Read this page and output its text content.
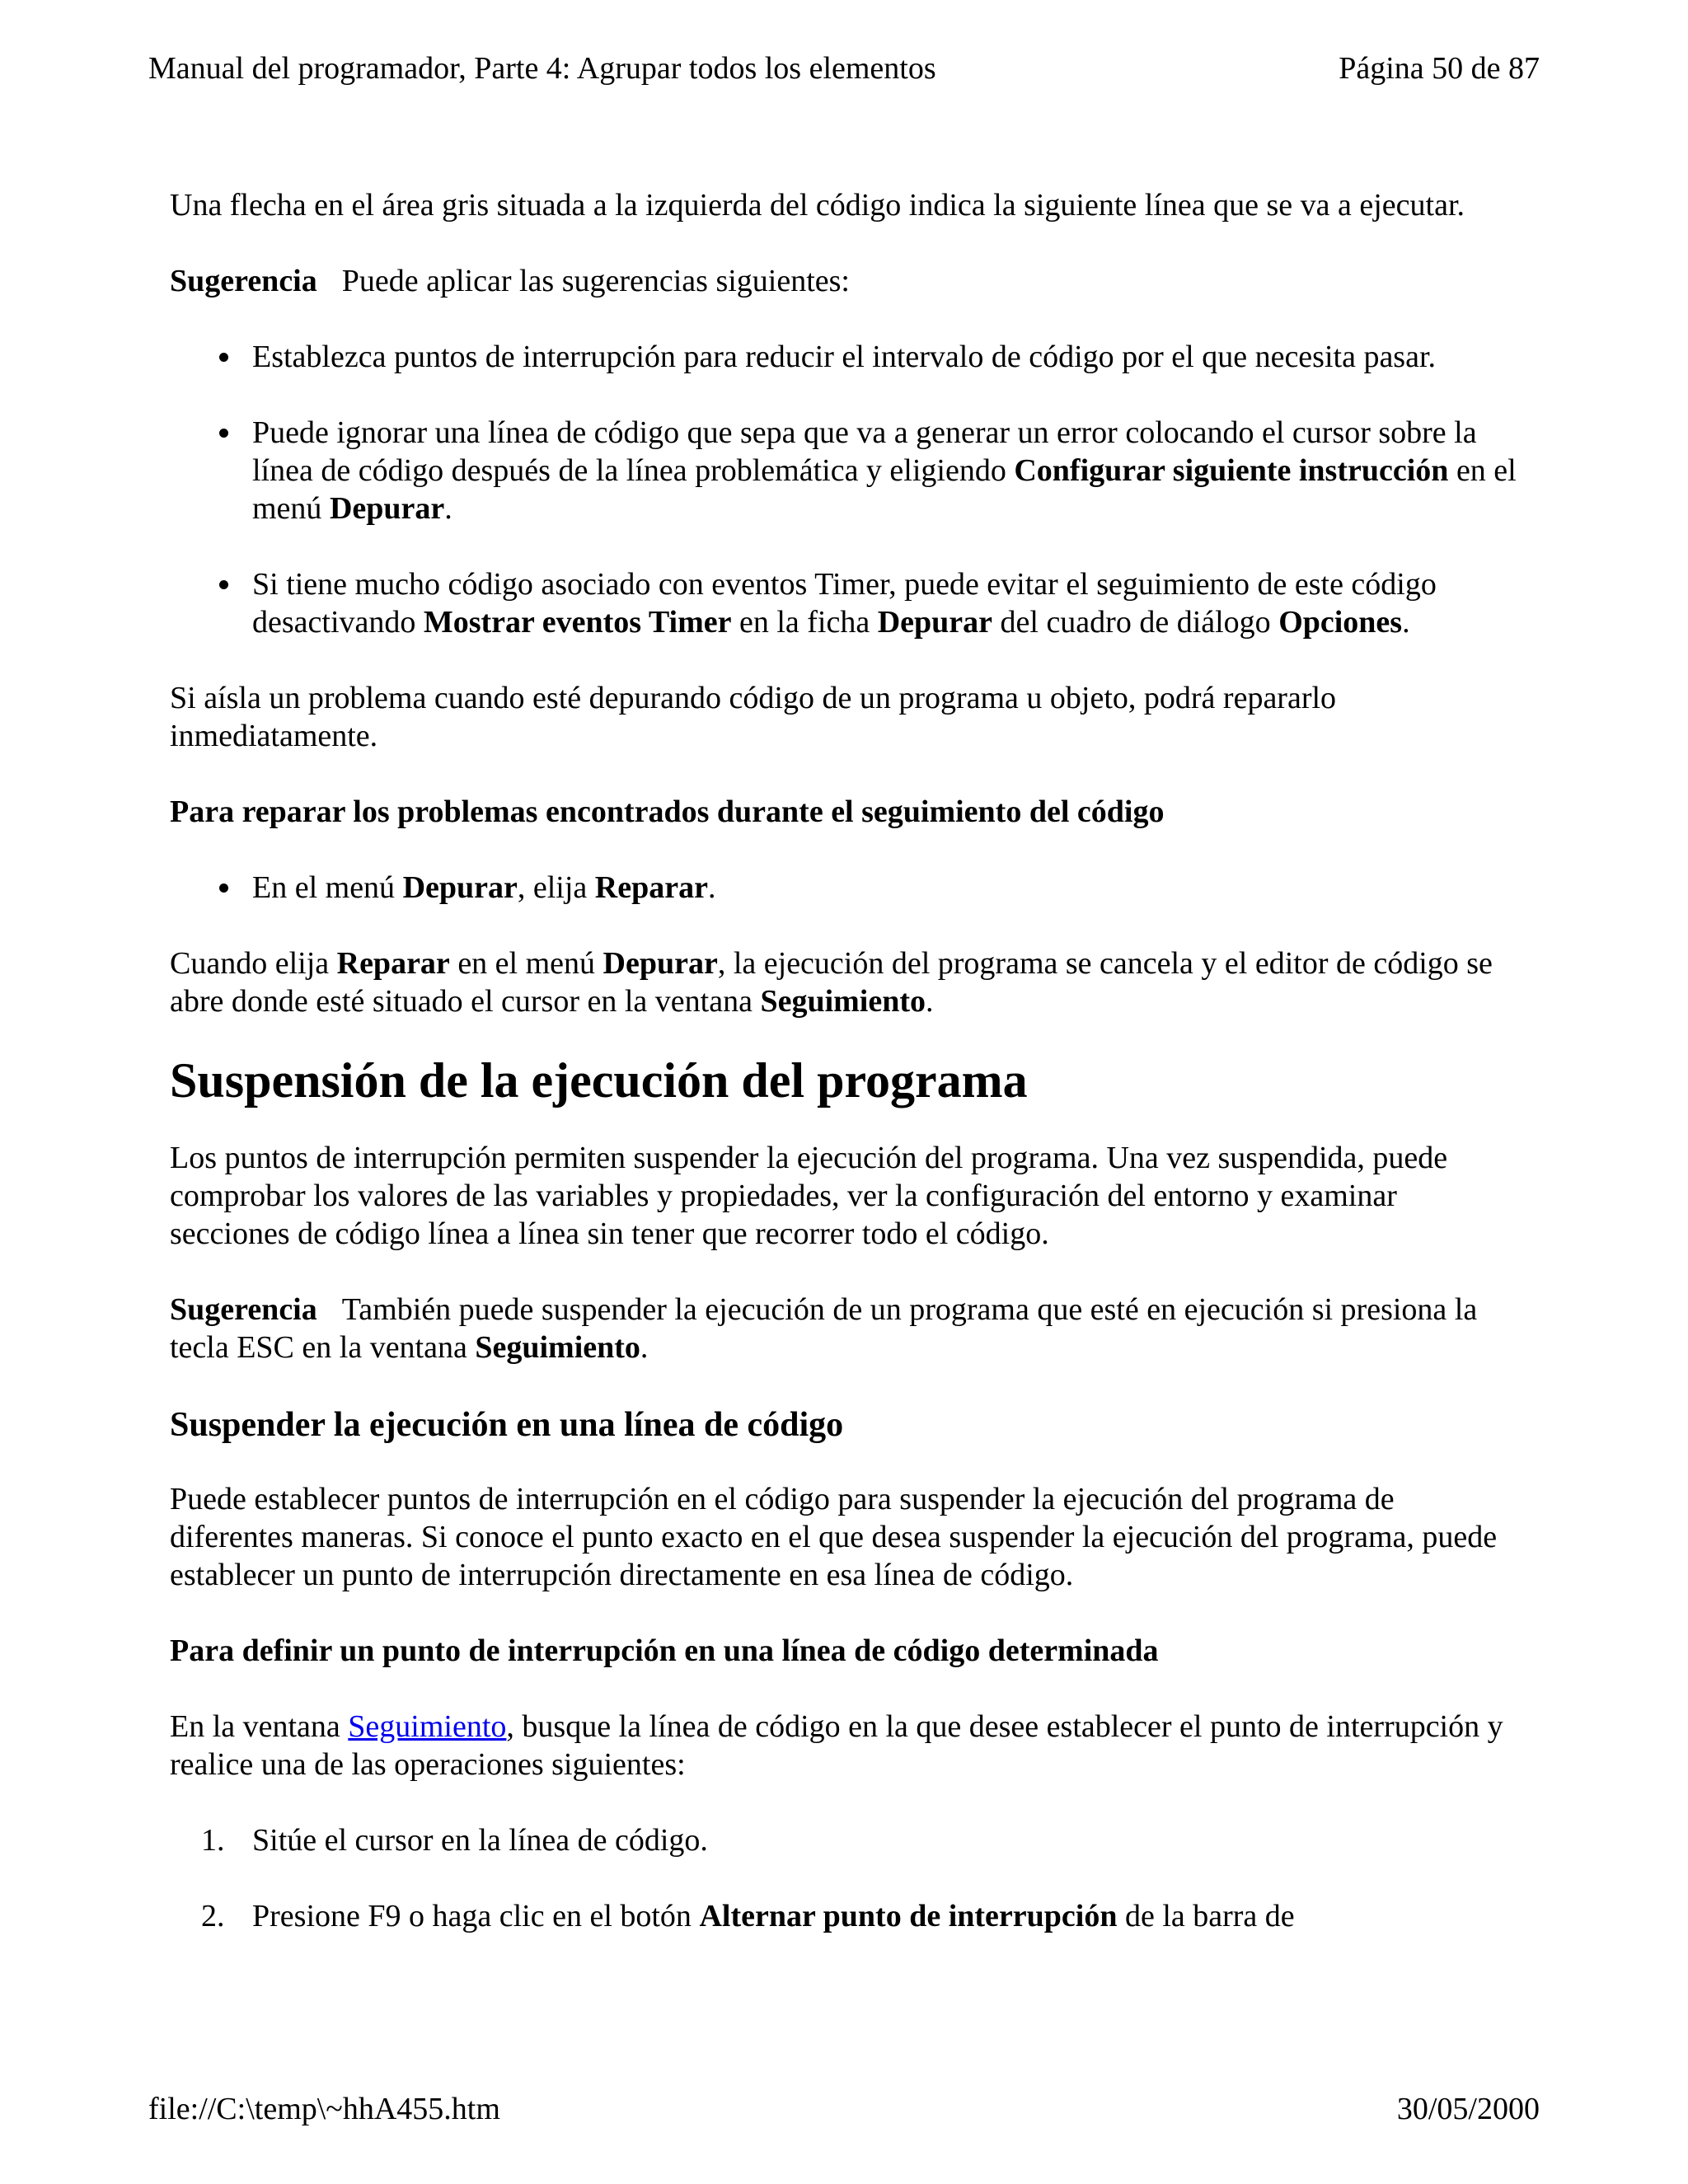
Manual del programador, Parte 4: Agrupar todos los elementos	Página 50 de 87

Una flecha en el área gris situada a la izquierda del código indica la siguiente línea que se va a ejecutar.

Sugerencia Puede aplicar las sugerencias siguientes:

Establezca puntos de interrupción para reducir el intervalo de código por el que necesita pasar.
Puede ignorar una línea de código que sepa que va a generar un error colocando el cursor sobre la línea de código después de la línea problemática y eligiendo Configurar siguiente instrucción en el menú Depurar.
Si tiene mucho código asociado con eventos Timer, puede evitar el seguimiento de este código desactivando Mostrar eventos Timer en la ficha Depurar del cuadro de diálogo Opciones.

Si aísla un problema cuando esté depurando código de un programa u objeto, podrá repararlo inmediatamente.

Para reparar los problemas encontrados durante el seguimiento del código

En el menú Depurar, elija Reparar.

Cuando elija Reparar en el menú Depurar, la ejecución del programa se cancela y el editor de código se abre donde esté situado el cursor en la ventana Seguimiento.

Suspensión de la ejecución del programa

Los puntos de interrupción permiten suspender la ejecución del programa. Una vez suspendida, puede comprobar los valores de las variables y propiedades, ver la configuración del entorno y examinar secciones de código línea a línea sin tener que recorrer todo el código.

Sugerencia También puede suspender la ejecución de un programa que esté en ejecución si presiona la tecla ESC en la ventana Seguimiento.

Suspender la ejecución en una línea de código

Puede establecer puntos de interrupción en el código para suspender la ejecución del programa de diferentes maneras. Si conoce el punto exacto en el que desea suspender la ejecución del programa, puede establecer un punto de interrupción directamente en esa línea de código.

Para definir un punto de interrupción en una línea de código determinada

En la ventana Seguimiento, busque la línea de código en la que desee establecer el punto de interrupción y realice una de las operaciones siguientes:

1. Sitúe el cursor en la línea de código.
2. Presione F9 o haga clic en el botón Alternar punto de interrupción de la barra de
file://C:\temp\~hhA455.htm	30/05/2000
